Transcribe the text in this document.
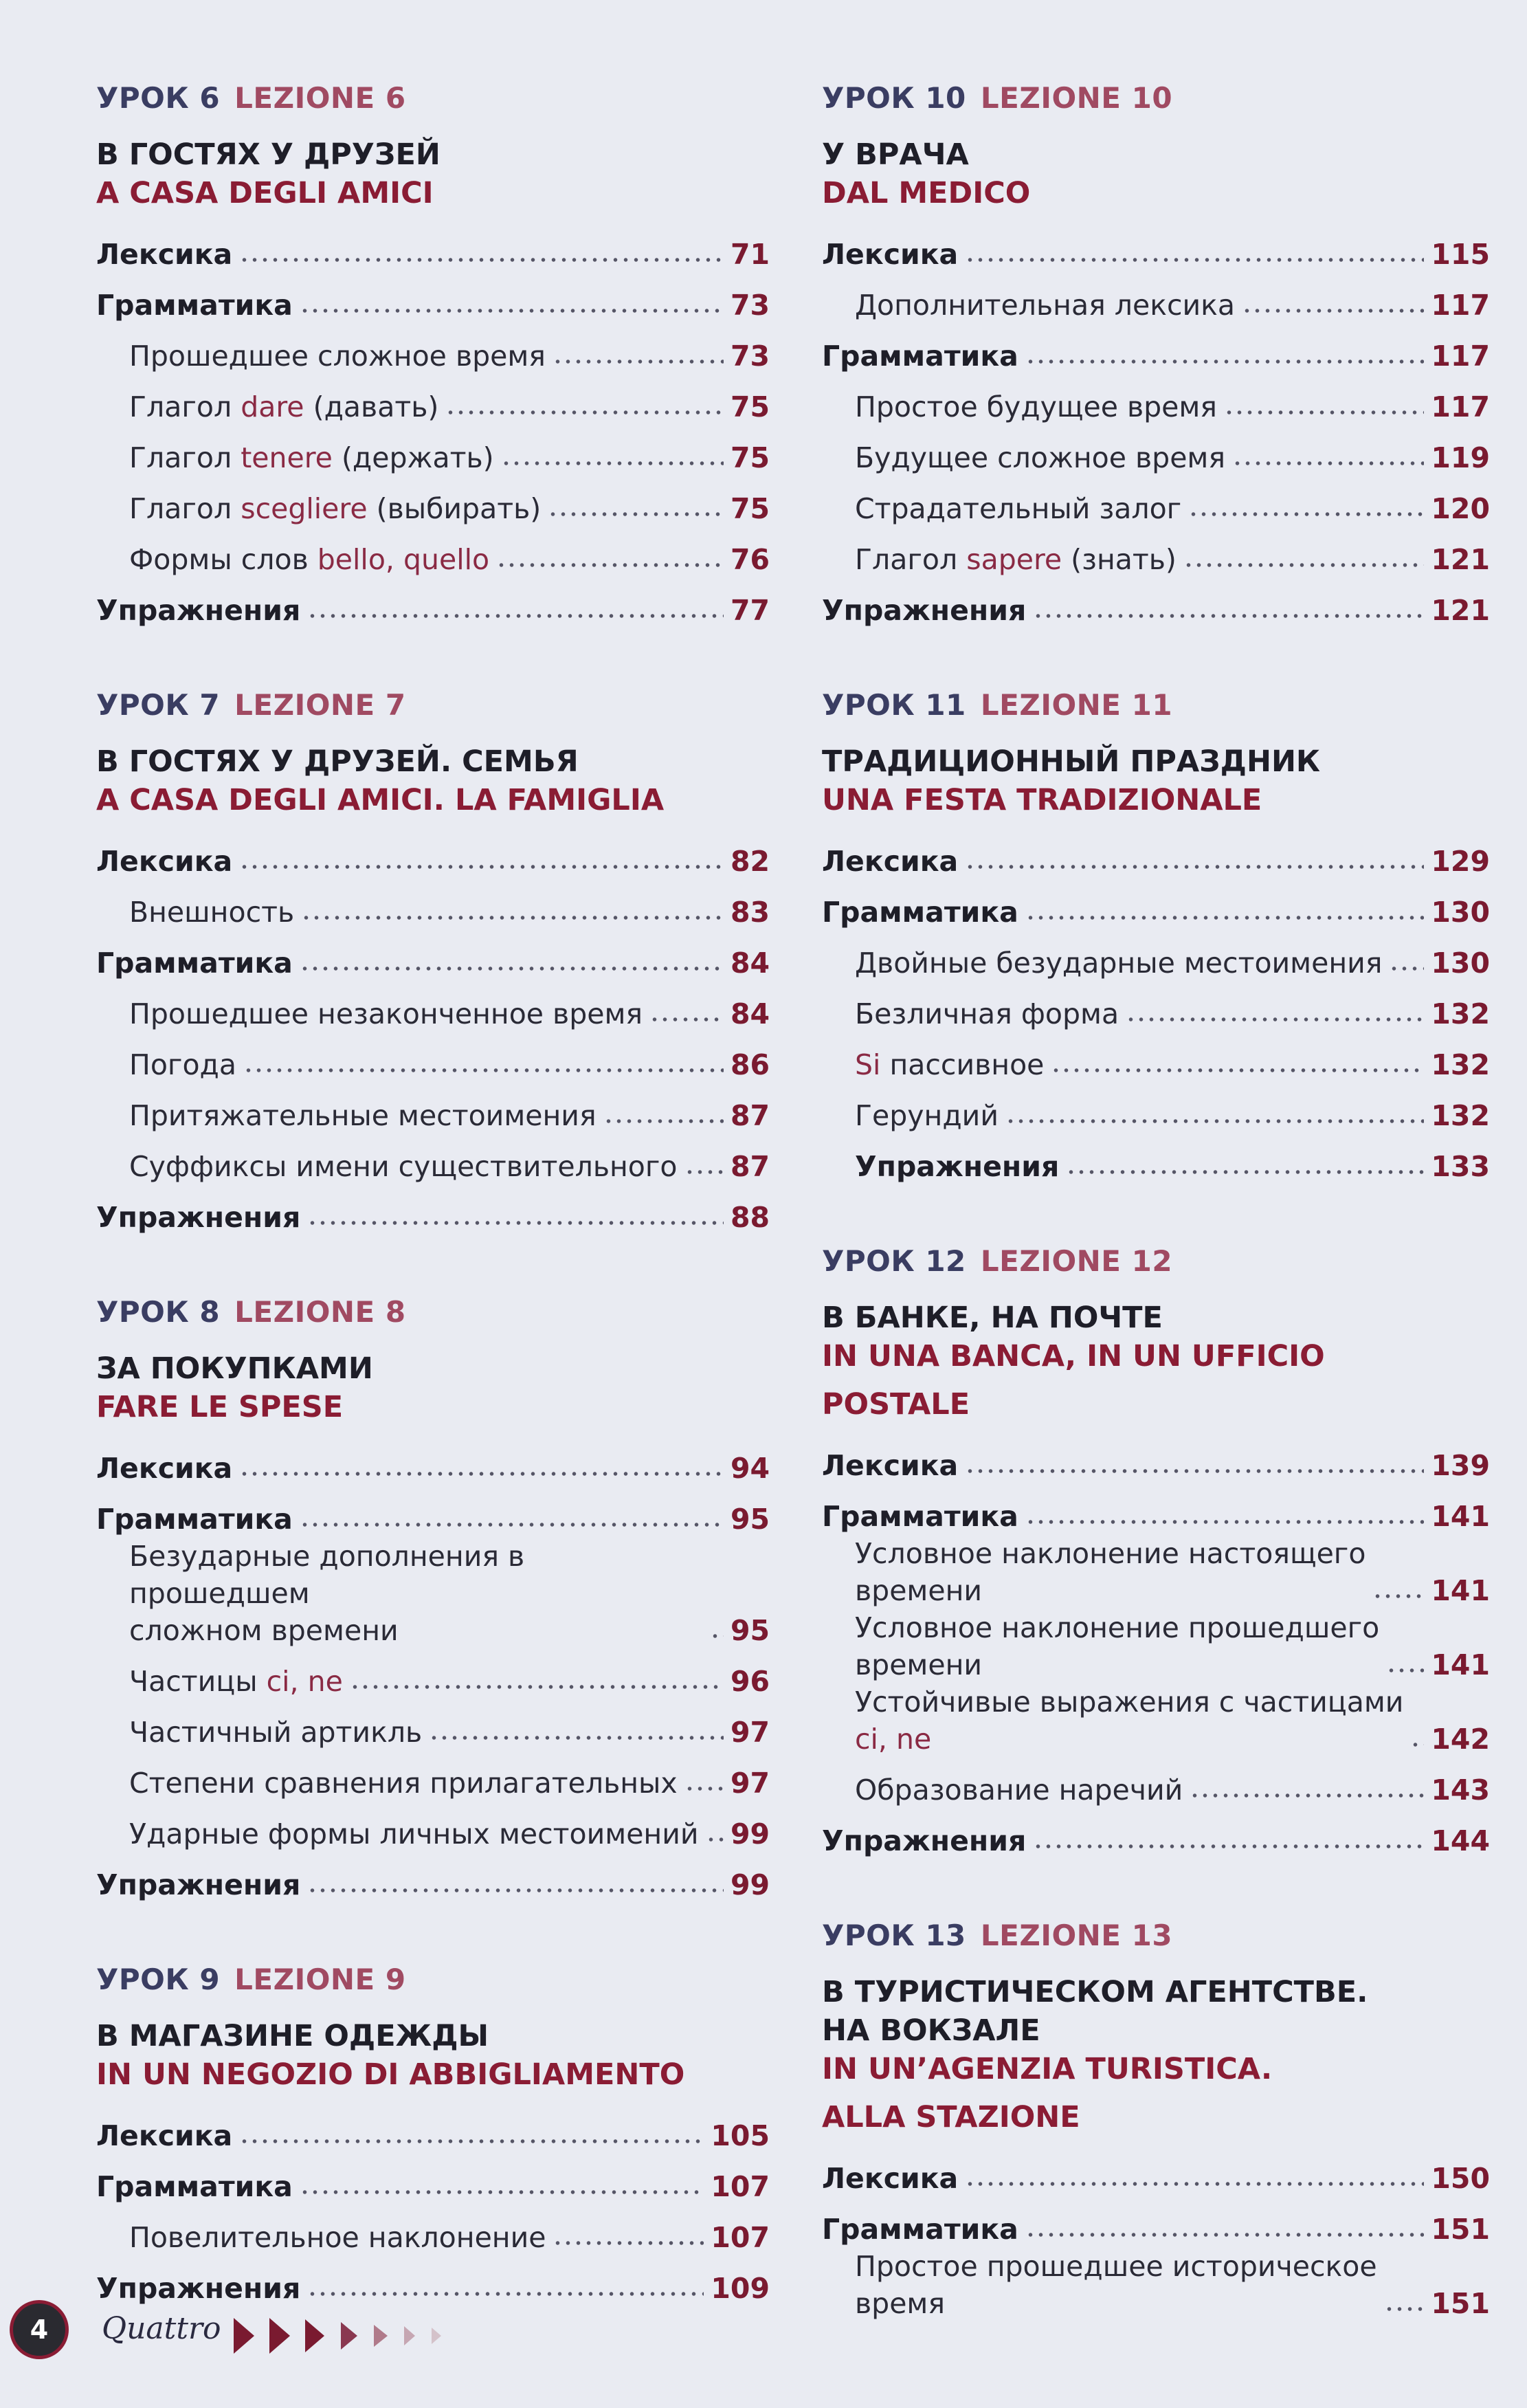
УРОК 6 LEZIONE 6
В ГОСТЯХ У ДРУЗЕЙ
A CASA DEGLI AMICI
Лексика	71
Грамматика	73
Прошедшее сложное время	73
Глагол dare (давать)	75
Глагол tenere (держать)	75
Глагол scegliere (выбирать)	75
Формы слов bello, quello	76
Упражнения	77
УРОК 7 LEZIONE 7
В ГОСТЯХ У ДРУЗЕЙ. СЕМЬЯ
A CASA DEGLI AMICI. LA FAMIGLIA
Лексика	82
Внешность	83
Грамматика	84
Прошедшее незаконченное время	84
Погода	86
Притяжательные местоимения	87
Суффиксы имени существительного 87
Упражнения	88
УРОК 8 LEZIONE 8
ЗА ПОКУПКАМИ
FARE LE SPESE
Лексика	94
Грамматика	95
Безударные дополнения в прошедшем
сложном времени	95
Частицы ci, ne	96
Частичный артикль	97
Степени сравнения прилагательных 97
Ударные формы личных местоимений 99
Упражнения	99
УРОК 9 LEZIONE 9
В МАГАЗИНЕ ОДЕЖДЫ
IN UN NEGOZIO DI ABBIGLIAMENTO
Лексика	105
Грамматика	107
Повелительное наклонение	107
Упражнения	109
УРОК 10 LEZIONE 10
У ВРАЧА
DAL MEDICO
Лексика	115
Дополнительная лексика	117
Грамматика	117
Простое будущее время	117
Будущее сложное время	119
Страдательный залог	120
Глагол sapere (знать)	121
Упражнения	121
УРОК 11 LEZIONE 11
ТРАДИЦИОННЫЙ ПРАЗДНИК
UNA FESTA TRADIZIONALE
Лексика	129
Грамматика	130
Двойные безударные местоимения 130
Безличная форма	132
Si пассивное	132
Герундий	132
Упражнения	133
УРОК 12 LEZIONE 12
В БАНКЕ, НА ПОЧТЕ
IN UNA BANCA, IN UN UFFICIO
POSTALE
Лексика	139
Грамматика	141
Условное наклонение настоящего
времени	141
Условное наклонение прошедшего
времени	141
Устойчивые выражения с частицами
ci, ne	142
Образование наречий	143
Упражнения	144
УРОК 13 LEZIONE 13
В ТУРИСТИЧЕСКОМ АГЕНТСТВЕ.
НА ВОКЗАЛЕ
IN UN’AGENZIA TURISTICA.
ALLA STAZIONE
Лексика	150
Грамматика	151
Простое прошедшее историческое
время	151
4	Quattro
